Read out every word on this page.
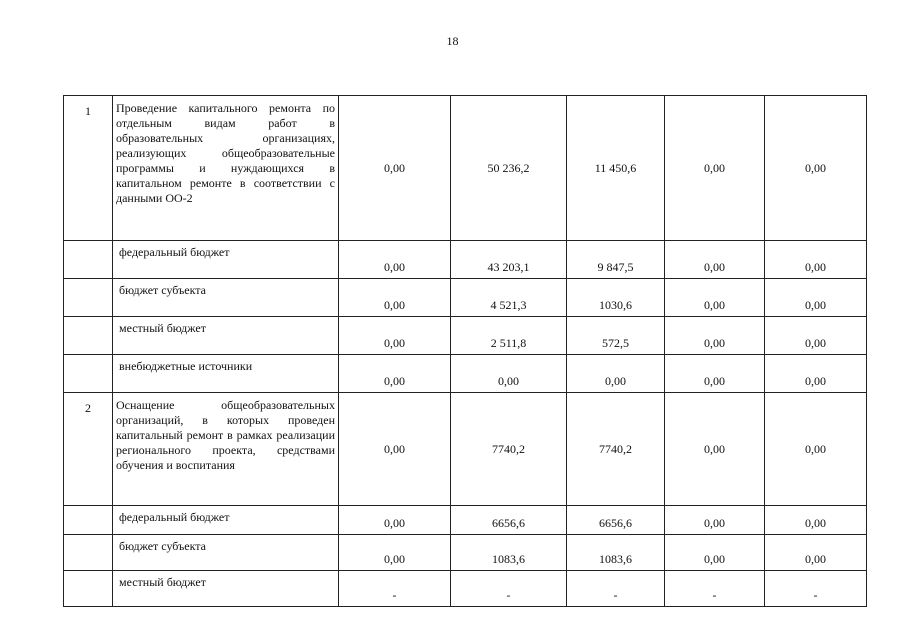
18
1	Проведение капитального ремонта по отдельным видам работ в образовательных организациях, реализующих общеобразовательные программы и нуждающихся в капитальном ремонте в соответствии с данными ОО-2	0,00	50 236,2	11 450,6	0,00	0,00
	федеральный бюджет	0,00	43 203,1	9 847,5	0,00	0,00
	бюджет субъекта	0,00	4 521,3	1030,6	0,00	0,00
	местный бюджет	0,00	2 511,8	572,5	0,00	0,00
	внебюджетные источники	0,00	0,00	0,00	0,00	0,00
2	Оснащение общеобразовательных организаций, в которых проведен капитальный ремонт в рамках реализации регионального проекта, средствами обучения и воспитания	0,00	7740,2	7740,2	0,00	0,00
	федеральный бюджет	0,00	6656,6	6656,6	0,00	0,00
	бюджет субъекта	0,00	1083,6	1083,6	0,00	0,00
	местный бюджет	-	-	-	-	-
